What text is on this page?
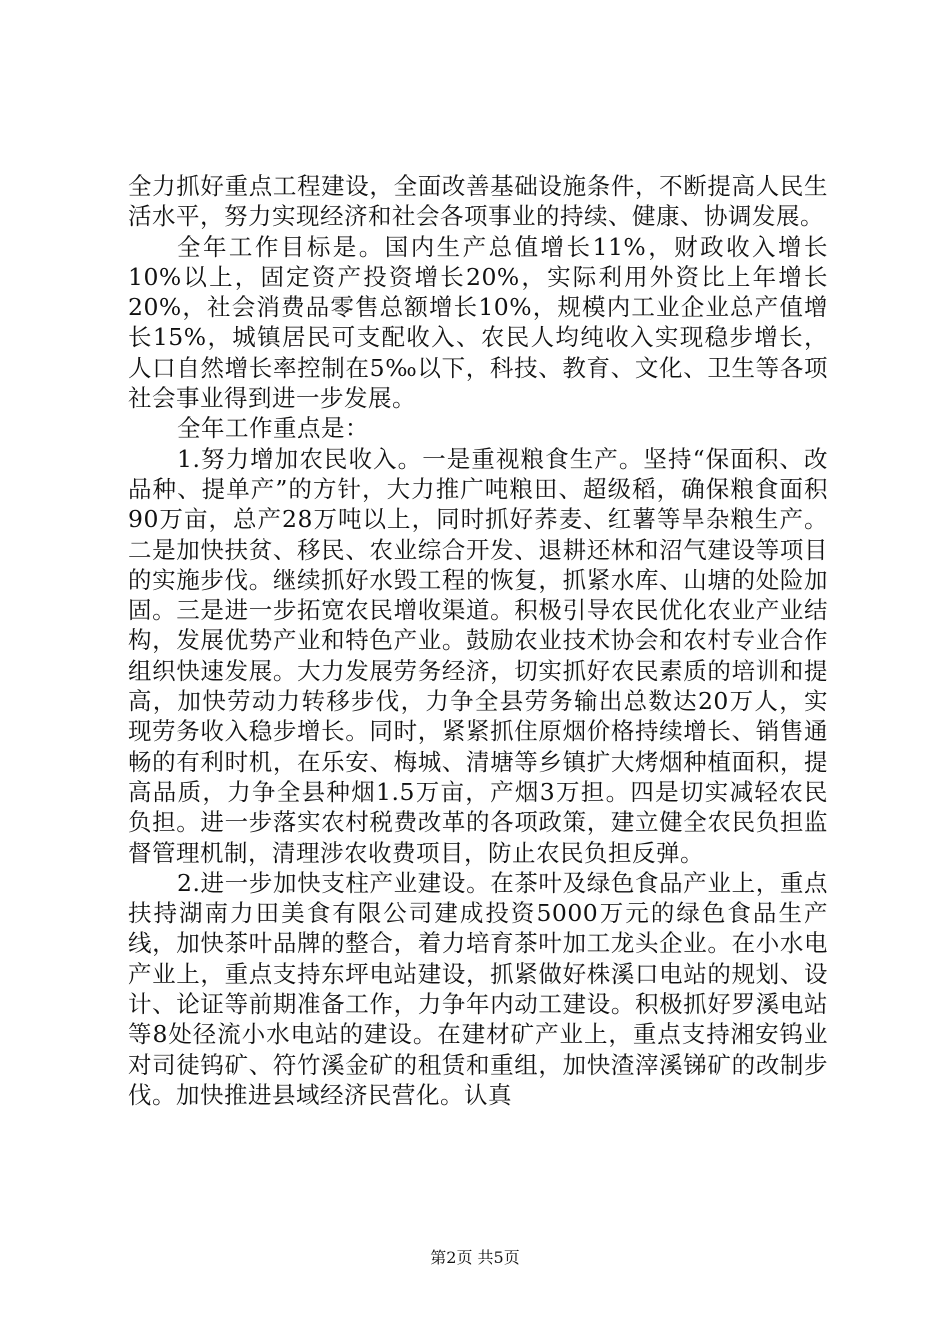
全力抓好重点工程建设，全面改善基础设施条件，不断提高人民生活水平，努力实现经济和社会各项事业的持续、健康、协调发展。

全年工作目标是。国内生产总值增长11%，财政收入增长10%以上，固定资产投资增长20%，实际利用外资比上年增长20%，社会消费品零售总额增长10%，规模内工业企业总产值增长15%，城镇居民可支配收入、农民人均纯收入实现稳步增长，人口自然增长率控制在5‰以下，科技、教育、文化、卫生等各项社会事业得到进一步发展。

全年工作重点是：

1.努力增加农民收入。一是重视粮食生产。坚持“保面积、改品种、提单产”的方针，大力推广吨粮田、超级稻，确保粮食面积90万亩，总产28万吨以上，同时抓好荞麦、红薯等旱杂粮生产。二是加快扶贫、移民、农业综合开发、退耕还林和沼气建设等项目的实施步伐。继续抓好水毁工程的恢复，抓紧水库、山塘的处险加固。三是进一步拓宽农民增收渠道。积极引导农民优化农业产业结构，发展优势产业和特色产业。鼓励农业技术协会和农村专业合作组织快速发展。大力发展劳务经济，切实抓好农民素质的培训和提高，加快劳动力转移步伐，力争全县劳务输出总数达20万人，实现劳务收入稳步增长。同时，紧紧抓住原烟价格持续增长、销售通畅的有利时机，在乐安、梅城、清塘等乡镇扩大烤烟种植面积，提高品质，力争全县种烟1.5万亩，产烟3万担。四是切实减轻农民负担。进一步落实农村税费改革的各项政策，建立健全农民负担监督管理机制，清理涉农收费项目，防止农民负担反弹。

2.进一步加快支柱产业建设。在茶叶及绿色食品产业上，重点扶持湖南力田美食有限公司建成投资5000万元的绿色食品生产线，加快茶叶品牌的整合，着力培育茶叶加工龙头企业。在小水电产业上，重点支持东坪电站建设，抓紧做好株溪口电站的规划、设计、论证等前期准备工作，力争年内动工建设。积极抓好罗溪电站等8处径流小水电站的建设。在建材矿产业上，重点支持湘安钨业对司徒钨矿、符竹溪金矿的租赁和重组，加快渣滓溪锑矿的改制步伐。加快推进县域经济民营化。认真

第2页 共5页
